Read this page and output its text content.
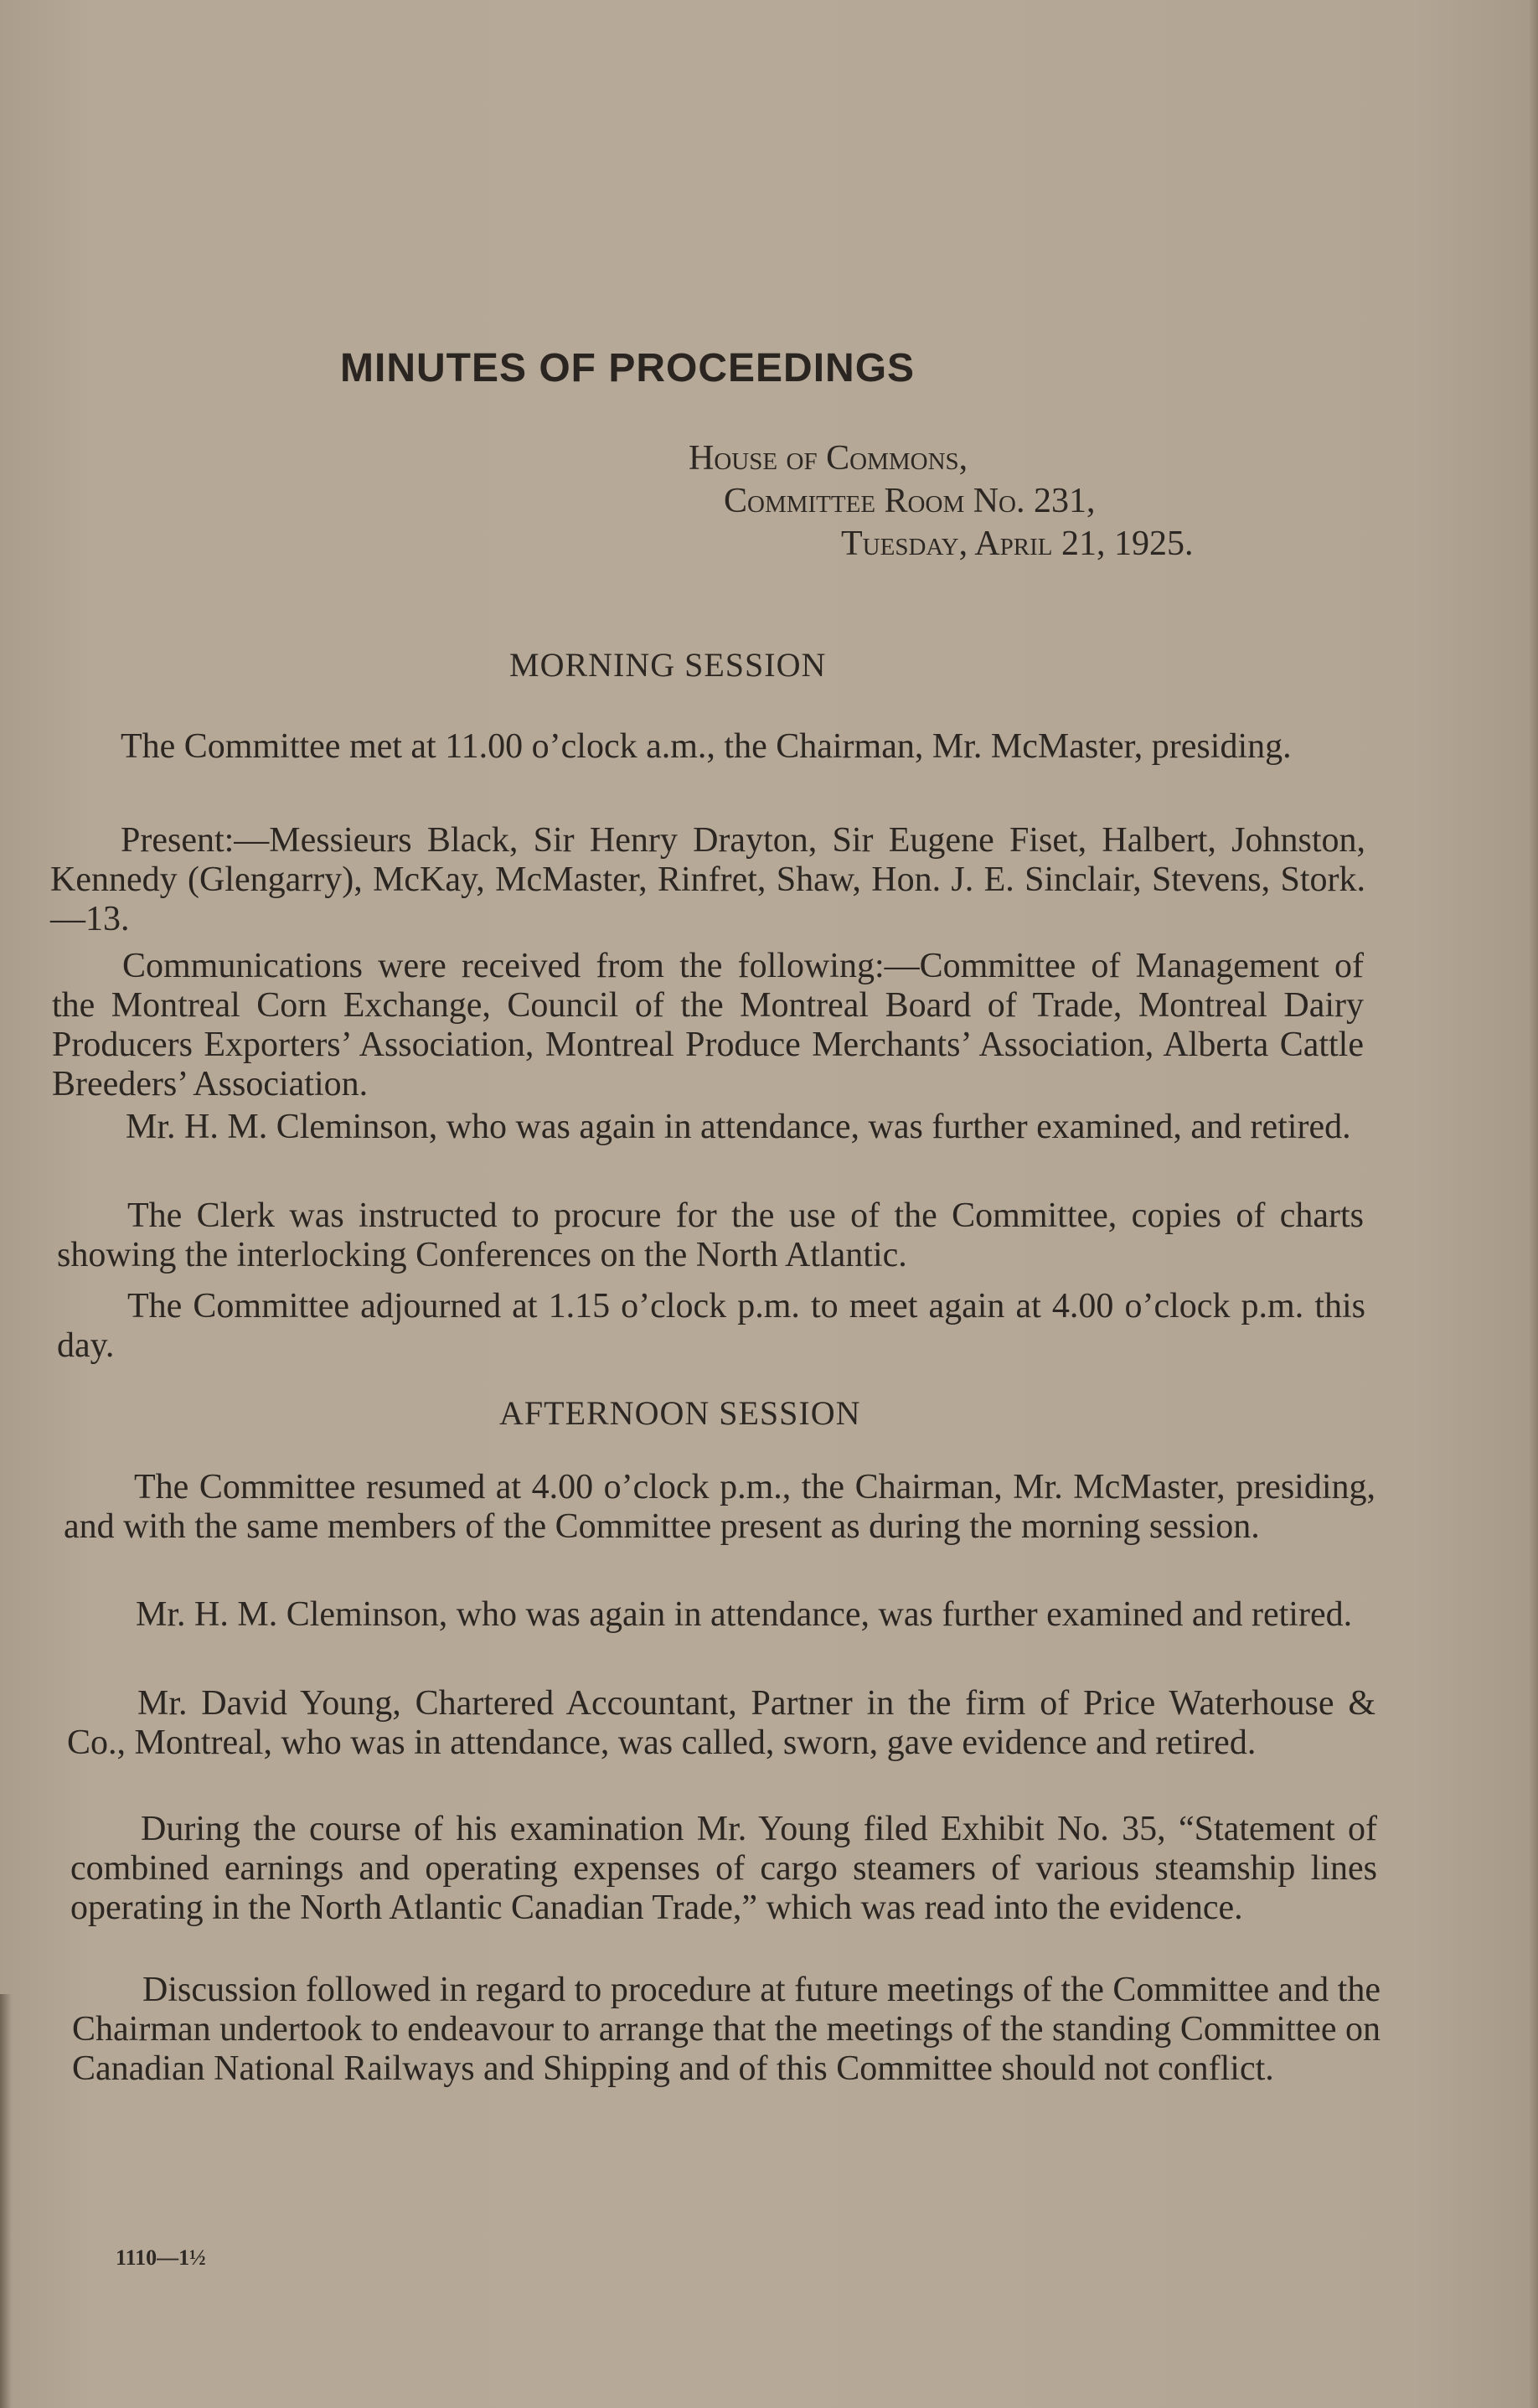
MINUTES OF PROCEEDINGS
House of Commons,
Committee Room No. 231,
Tuesday, April 21, 1925.
MORNING SESSION

The Committee met at 11.00 o’clock a.m., the Chairman, Mr. McMaster, presiding.

Present:—Messieurs Black, Sir Henry Drayton, Sir Eugene Fiset, Halbert, Johnston, Kennedy (Glengarry), McKay, McMaster, Rinfret, Shaw, Hon. J. E. Sinclair, Stevens, Stork.—13.

Communications were received from the following:—Committee of Management of the Montreal Corn Exchange, Council of the Montreal Board of Trade, Montreal Dairy Producers Exporters’ Association, Montreal Produce Merchants’ Association, Alberta Cattle Breeders’ Association.

Mr. H. M. Cleminson, who was again in attendance, was further examined, and retired.

The Clerk was instructed to procure for the use of the Committee, copies of charts showing the interlocking Conferences on the North Atlantic.

The Committee adjourned at 1.15 o’clock p.m. to meet again at 4.00 o’clock p.m. this day.

AFTERNOON SESSION

The Committee resumed at 4.00 o’clock p.m., the Chairman, Mr. McMaster, presiding, and with the same members of the Committee present as during the morning session.

Mr. H. M. Cleminson, who was again in attendance, was further examined and retired.

Mr. David Young, Chartered Accountant, Partner in the firm of Price Waterhouse & Co., Montreal, who was in attendance, was called, sworn, gave evidence and retired.

During the course of his examination Mr. Young filed Exhibit No. 35, “Statement of combined earnings and operating expenses of cargo steamers of various steamship lines operating in the North Atlantic Canadian Trade,” which was read into the evidence.

Discussion followed in regard to procedure at future meetings of the Committee and the Chairman undertook to endeavour to arrange that the meetings of the standing Committee on Canadian National Railways and Shipping and of this Committee should not conflict.

1110—1½
